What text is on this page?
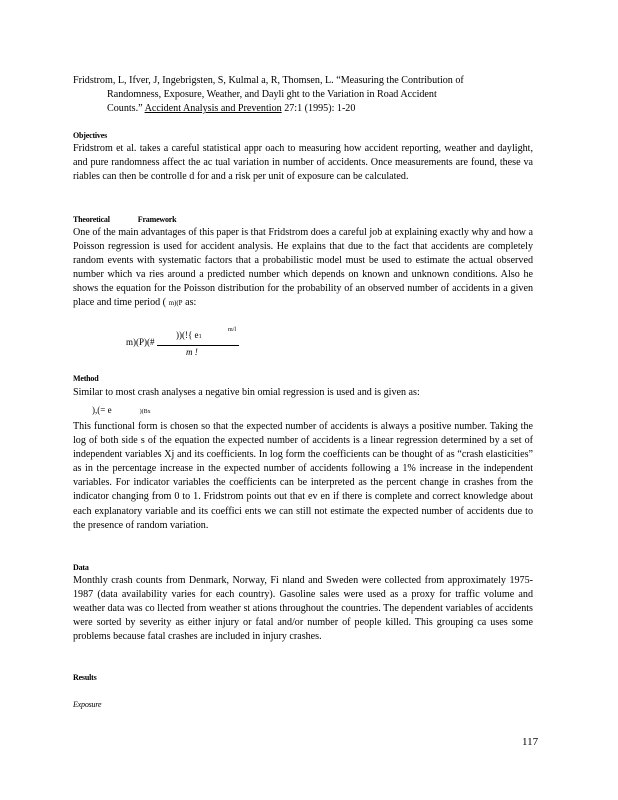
Fridstrom, L, Ifver, J, Ingebrigsten, S, Kulmal a, R, Thomsen, L. “Measuring the Contribution of
Randomness, Exposure, Weather, and Dayli ght to the Variation in Road Accident
Counts.” Accident Analysis and Prevention 27:1 (1995): 1-20
Objectives
Fridstrom et al. takes a careful statistical appr oach to measuring how accident reporting, weather and daylight, and pure randomness affect the ac tual variation in number of accidents. Once measurements are found, these va riables can then be controlle d for and a risk per unit of exposure can be calculated.
Theoretical	Framework
One of the main advantages of this paper is that Fridstrom does a careful job at explaining exactly why and how a Poisson regression is used for accident analysis. He explains that due to the fact that accidents are completely random events with systematic factors that a probabilistic model must be used to estimate the actual observed number which va ries around a predicted number which depends on known and unknown conditions. Also he shows the equation for the Poisson distribution for the probability of an observed number of accidents in a given place and time period ( m)(P as:
m)(P)(#
))(!{ e1
m/l
m !
Method
Similar to most crash analyses a negative bin omial regression is used and is given as:
),(= e	)(Bx
This functional form is chosen so that the expected number of accidents is always a positive number. Taking the log of both side s of the equation the expected number of accidents is a linear regression determined by a set of independent variables Xj and its coefficients. In log form the coefficients can be thought of as “crash elasticities” as in the percentage increase in the expected number of accidents following a 1% increase in the independent variables. For indicator variables the coefficients can be interpreted as the percent change in crashes from the indicator changing from 0 to 1. Fridstrom points out that ev en if there is complete and correct knowledge about each explanatory variable and its coeffici ents we can still not estimate the expected number of accidents due to the presence of random variation.
Data
Monthly crash counts from Denmark, Norway, Fi nland and Sweden were collected from approximately 1975-1987 (data availability varies for each country). Gasoline sales were used as a proxy for traffic volume and weather data was co llected from weather st ations throughout the countries. The dependent variables of accidents were sorted by severity as either injury or fatal and/or number of people killed. This grouping ca uses some problems because fatal crashes are included in injury crashes.
Results
Exposure
117
